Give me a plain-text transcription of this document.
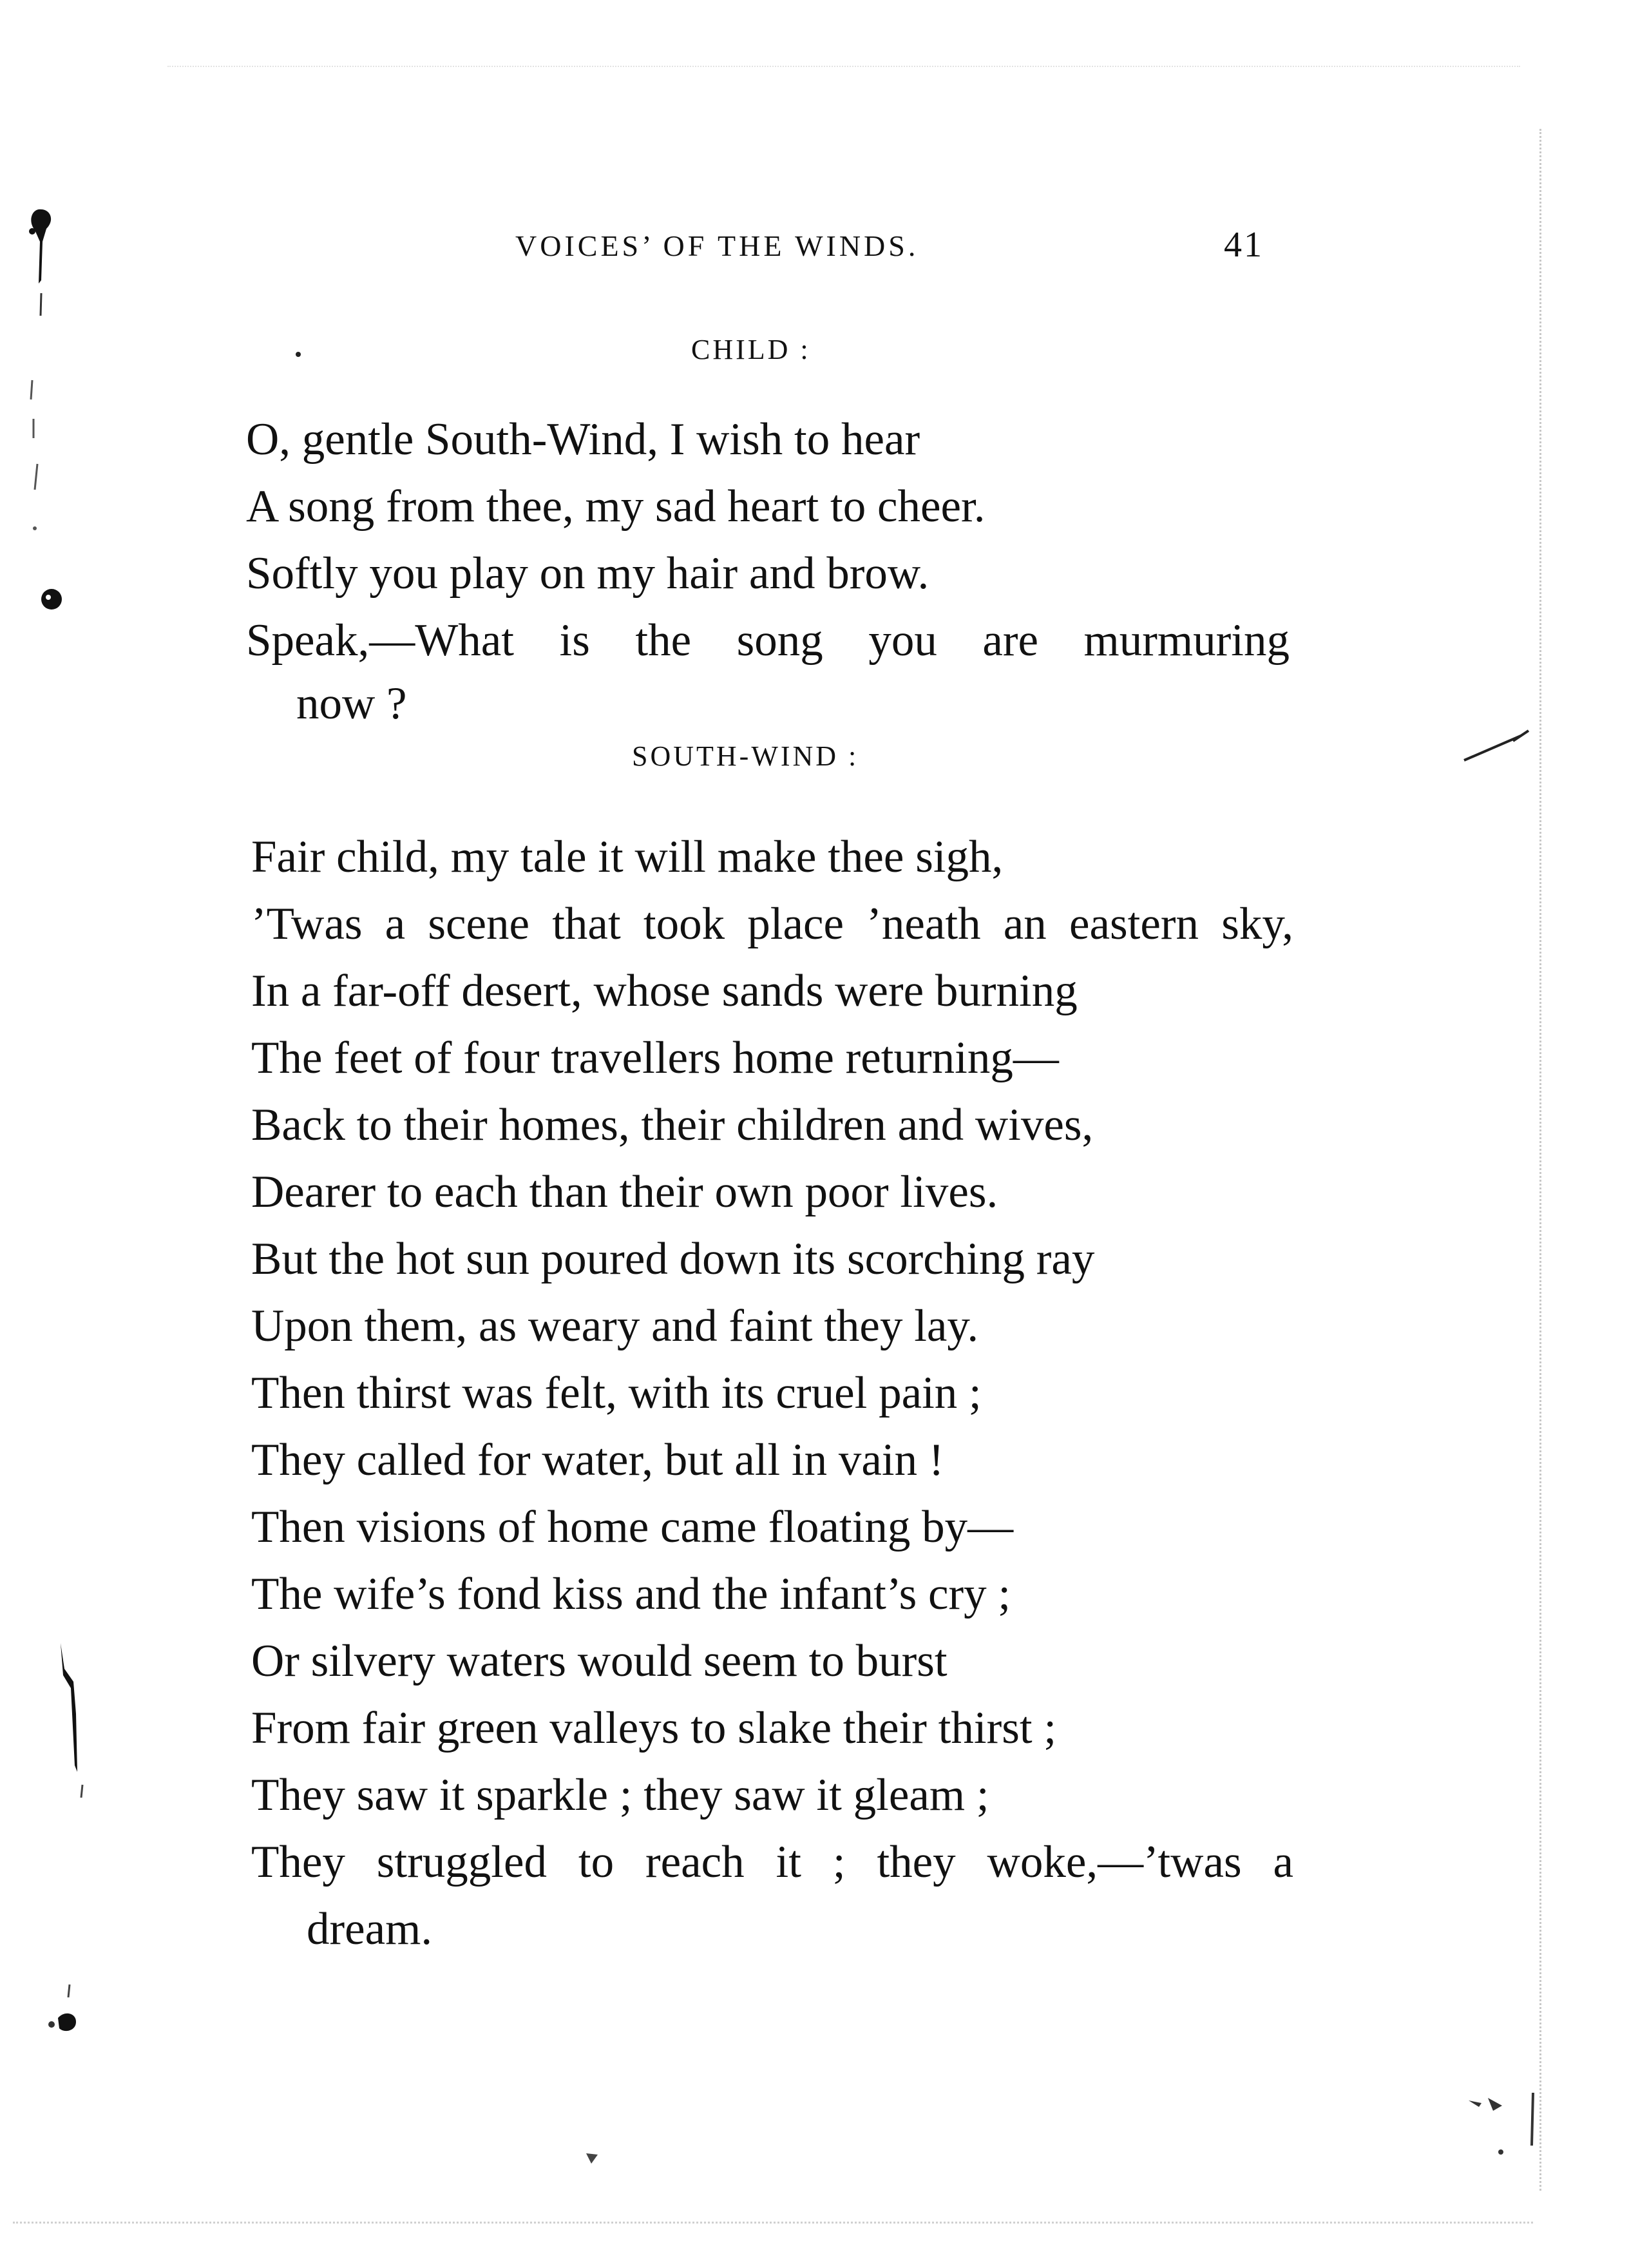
VOICES’ OF THE WINDS.	41
CHILD :
O, gentle South-Wind, I wish to hear
A song from thee, my sad heart to cheer.
Softly you play on my hair and brow.
Speak,—What is the song you are murmuring
now ?
SOUTH-WIND :
Fair child, my tale it will make thee sigh,
’Twas a scene that took place ’neath an eastern sky,
In a far-off desert, whose sands were burning
The feet of four travellers home returning—
Back to their homes, their children and wives,
Dearer to each than their own poor lives.
But the hot sun poured down its scorching ray
Upon them, as weary and faint they lay.
Then thirst was felt, with its cruel pain ;
They called for water, but all in vain !
Then visions of home came floating by—
The wife’s fond kiss and the infant’s cry ;
Or silvery waters would seem to burst
From fair green valleys to slake their thirst ;
They saw it sparkle ; they saw it gleam ;
They struggled to reach it ; they woke,—’twas a
dream.
